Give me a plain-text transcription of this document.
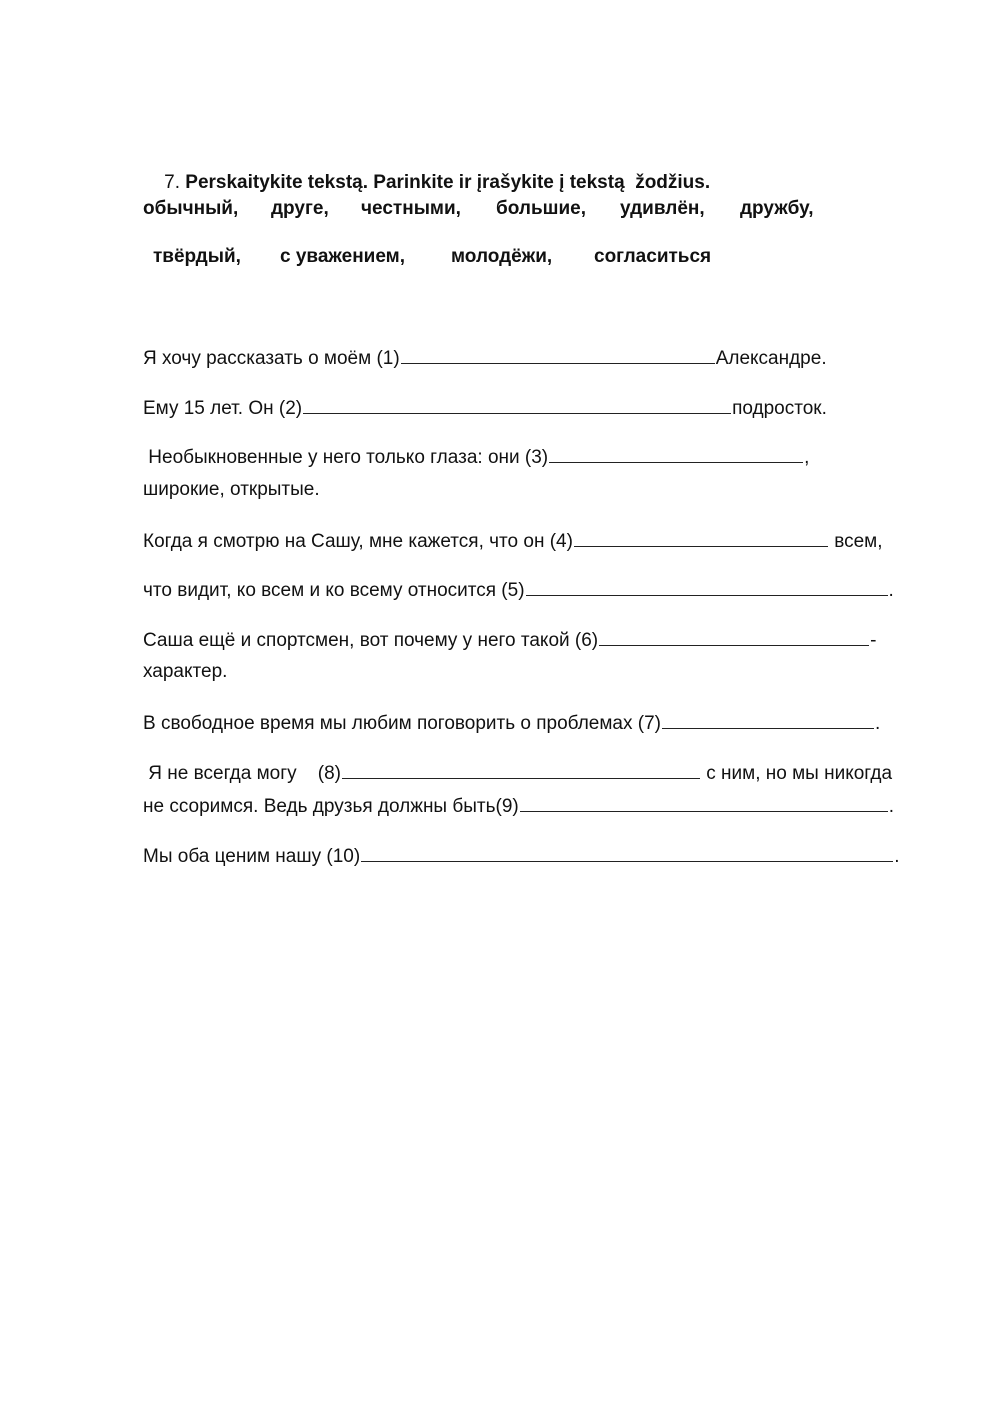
7. Perskaitykite tekstą. Parinkite ir įrašykite į tekstą  žodžius.

обычный,

друге,

честными,

большие,

удивлён,

дружбу,

твёрдый,

с уважением,

молодёжи,

согласиться

Я хочу рассказать о моём (1)	Александре.
Ему 15 лет. Он (2)	подросток.
Необыкновенные у него только глаза: они (3)	,
широкие, открытые.
Когда я смотрю на Сашу, мне кажется, что он (4)	всем,
что видит, ко всем и ко всему относится (5)	.
Саша ещё и спортсмен, вот почему у него такой (6)	-
характер.
В свободное время мы любим поговорить о проблемах (7)	.
Я не всегда могу    (8)	с ним, но мы никогда
не ссоримся. Ведь друзья должны быть(9)	.
Мы оба ценим нашу (10)	.
